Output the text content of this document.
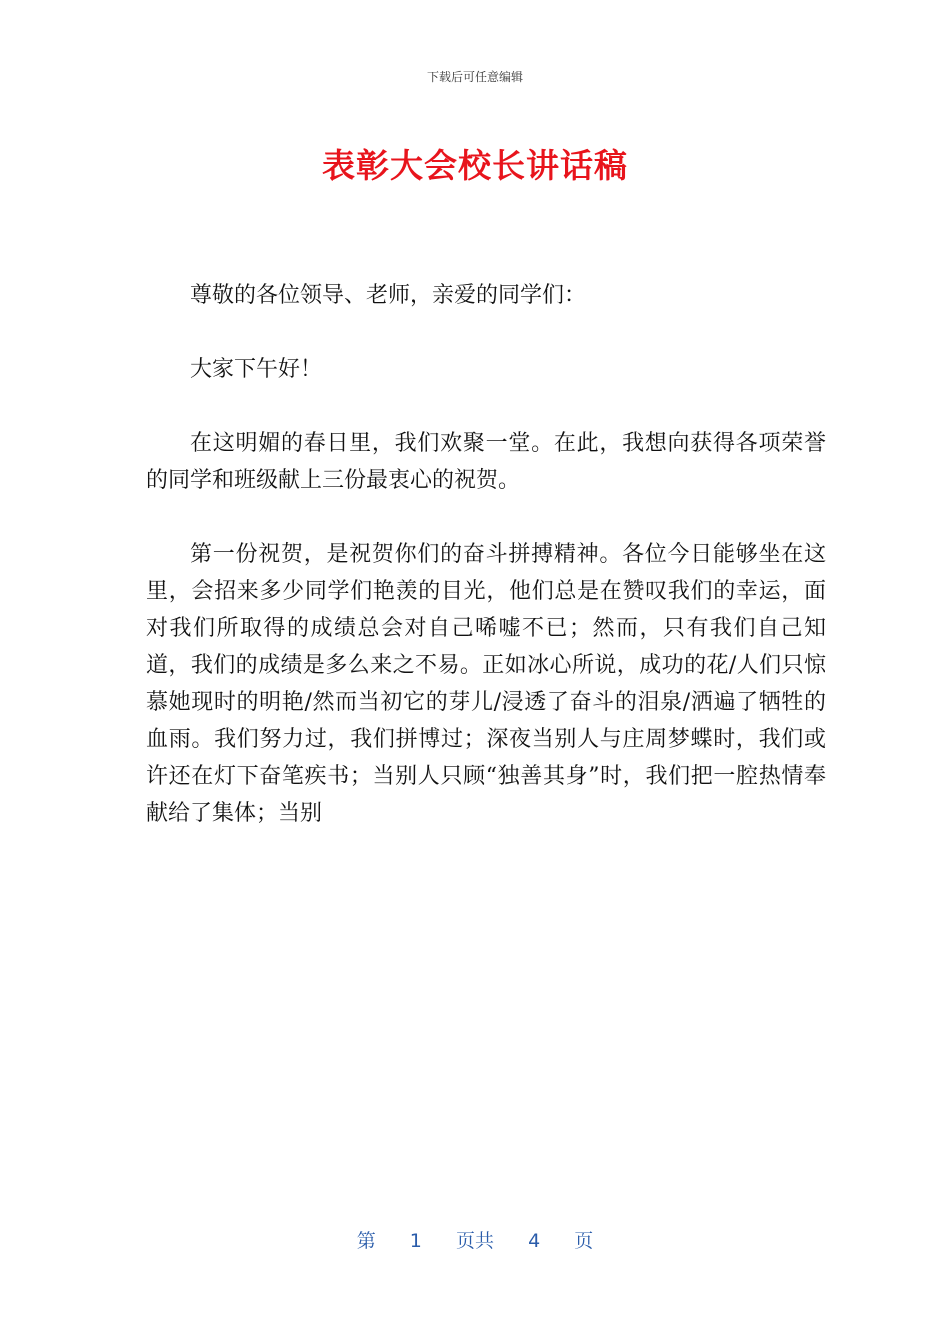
下载后可任意编辑
表彰大会校长讲话稿

尊敬的各位领导、老师，亲爱的同学们：

大家下午好！

在这明媚的春日里，我们欢聚一堂。在此，我想向获得各项荣誉的同学和班级献上三份最衷心的祝贺。

第一份祝贺，是祝贺你们的奋斗拼搏精神。各位今日能够坐在这里，会招来多少同学们艳羡的目光，他们总是在赞叹我们的幸运，面对我们所取得的成绩总会对自己唏嘘不已；然而，只有我们自己知道，我们的成绩是多么来之不易。正如冰心所说，成功的花/人们只惊慕她现时的明艳/然而当初它的芽儿/浸透了奋斗的泪泉/洒遍了牺牲的血雨。我们努力过，我们拼博过；深夜当别人与庄周梦蝶时，我们或许还在灯下奋笔疾书；当别人只顾“独善其身”时，我们把一腔热情奉献给了集体；当别

第 1 页共 4 页
